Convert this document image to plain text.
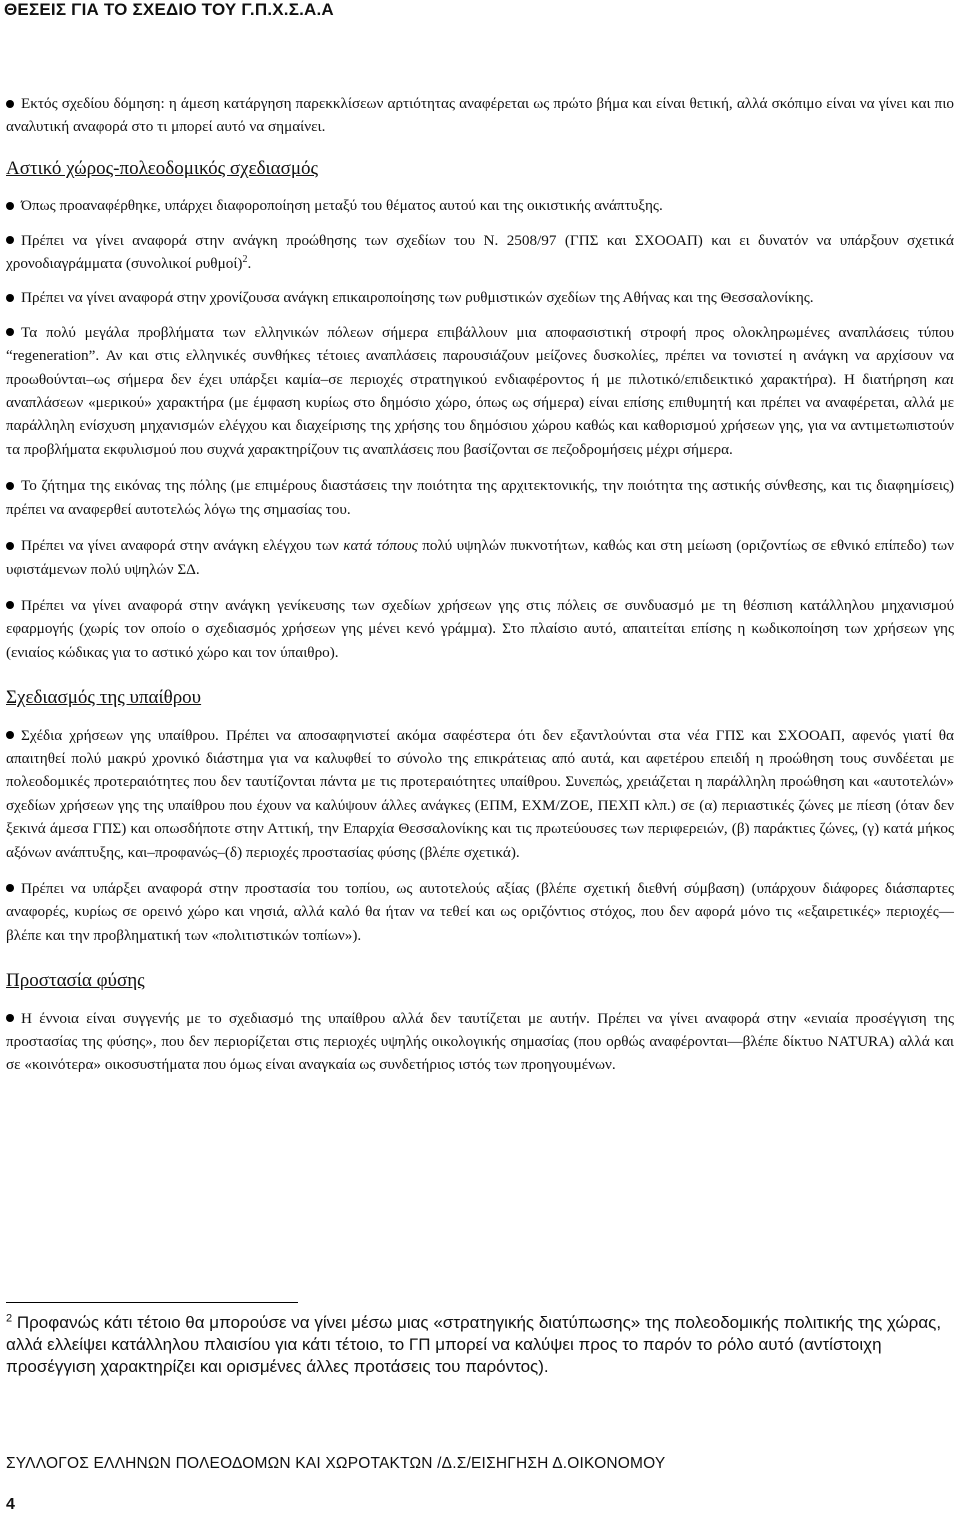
ΘΕΣΕΙΣ ΓΙΑ ΤΟ ΣΧΕΔΙΟ ΤΟΥ Γ.Π.Χ.Σ.Α.Α

Εκτός σχεδίου δόμηση: η άμεση κατάργηση παρεκκλίσεων αρτιότητας αναφέρεται ως πρώτο βήμα και είναι θετική, αλλά σκόπιμο είναι να γίνει και πιο αναλυτική αναφορά στο τι μπορεί αυτό να σημαίνει.

Αστικό χώρος-πολεοδομικός σχεδιασμός

Όπως προαναφέρθηκε, υπάρχει διαφοροποίηση μεταξύ του θέματος αυτού και της οικιστικής ανάπτυξης.

Πρέπει να γίνει αναφορά στην ανάγκη προώθησης των σχεδίων του Ν. 2508/97 (ΓΠΣ και ΣΧΟΟΑΠ) και ει δυνατόν να υπάρξουν σχετικά χρονοδιαγράμματα (συνολικοί ρυθμοί)$^2$.

Πρέπει να γίνει αναφορά στην χρονίζουσα ανάγκη επικαιροποίησης των ρυθμιστικών σχεδίων της Αθήνας και της Θεσσαλονίκης.

Τα πολύ μεγάλα προβλήματα των ελληνικών πόλεων σήμερα επιβάλλουν μια αποφασιστική στροφή προς ολοκληρωμένες αναπλάσεις τύπου “regeneration”. Αν και στις ελληνικές συνθήκες τέτοιες αναπλάσεις παρουσιάζουν μείζονες δυσκολίες, πρέπει να τονιστεί η ανάγκη να αρχίσουν να προωθούνται–ως σήμερα δεν έχει υπάρξει καμία–σε περιοχές στρατηγικού ενδιαφέροντος ή με πιλοτικό/επιδεικτικό χαρακτήρα). Η διατήρηση και αναπλάσεων «μερικού» χαρακτήρα (με έμφαση κυρίως στο δημόσιο χώρο, όπως ως σήμερα) είναι επίσης επιθυμητή και πρέπει να αναφέρεται, αλλά με παράλληλη ενίσχυση μηχανισμών ελέγχου και διαχείρισης της χρήσης του δημόσιου χώρου καθώς και καθορισμού χρήσεων γης, για να αντιμετωπιστούν τα προβλήματα εκφυλισμού που συχνά χαρακτηρίζουν τις αναπλάσεις που βασίζονται σε πεζοδρομήσεις μέχρι σήμερα.

Το ζήτημα της εικόνας της πόλης (με επιμέρους διαστάσεις την ποιότητα της αρχιτεκτονικής, την ποιότητα της αστικής σύνθεσης, και τις διαφημίσεις) πρέπει να αναφερθεί αυτοτελώς λόγω της σημασίας του.

Πρέπει να γίνει αναφορά στην ανάγκη ελέγχου των κατά τόπους πολύ υψηλών πυκνοτήτων, καθώς και στη μείωση (οριζοντίως σε εθνικό επίπεδο) των υφιστάμενων πολύ υψηλών ΣΔ.

Πρέπει να γίνει αναφορά στην ανάγκη γενίκευσης των σχεδίων χρήσεων γης στις πόλεις σε συνδυασμό με τη θέσπιση κατάλληλου μηχανισμού εφαρμογής (χωρίς τον οποίο ο σχεδιασμός χρήσεων γης μένει κενό γράμμα). Στο πλαίσιο αυτό, απαιτείται επίσης η κωδικοποίηση των χρήσεων γης (ενιαίος κώδικας για το αστικό χώρο και τον ύπαιθρο).

Σχεδιασμός της υπαίθρου

Σχέδια χρήσεων γης υπαίθρου. Πρέπει να αποσαφηνιστεί ακόμα σαφέστερα ότι δεν εξαντλούνται στα νέα ΓΠΣ και ΣΧΟΟΑΠ, αφενός γιατί θα απαιτηθεί πολύ μακρύ χρονικό διάστημα για να καλυφθεί το σύνολο της επικράτειας από αυτά, και αφετέρου επειδή η προώθηση τους συνδέεται με πολεοδομικές προτεραιότητες που δεν ταυτίζονται πάντα με τις προτεραιότητες υπαίθρου. Συνεπώς, χρειάζεται η παράλληλη προώθηση και «αυτοτελών» σχεδίων χρήσεων γης της υπαίθρου που έχουν να καλύψουν άλλες ανάγκες (ΕΠΜ, ΕΧΜ/ΖΟΕ, ΠΕΧΠ κλπ.) σε (α) περιαστικές ζώνες με πίεση (όταν δεν ξεκινά άμεσα ΓΠΣ) και οπωσδήποτε στην Αττική, την Επαρχία Θεσσαλονίκης και τις πρωτεύουσες των περιφερειών, (β) παράκτιες ζώνες, (γ) κατά μήκος αξόνων ανάπτυξης, και–προφανώς–(δ) περιοχές προστασίας φύσης (βλέπε σχετικά).

Πρέπει να υπάρξει αναφορά στην προστασία του τοπίου, ως αυτοτελούς αξίας (βλέπε σχετική διεθνή σύμβαση) (υπάρχουν διάφορες διάσπαρτες αναφορές, κυρίως σε ορεινό χώρο και νησιά, αλλά καλό θα ήταν να τεθεί και ως οριζόντιος στόχος, που δεν αφορά μόνο τις «εξαιρετικές» περιοχές—βλέπε και την προβληματική των «πολιτιστικών τοπίων»).

Προστασία φύσης

Η έννοια είναι συγγενής με το σχεδιασμό της υπαίθρου αλλά δεν ταυτίζεται με αυτήν. Πρέπει να γίνει αναφορά στην «ενιαία προσέγγιση της προστασίας της φύσης», που δεν περιορίζεται στις περιοχές υψηλής οικολογικής σημασίας (που ορθώς αναφέρονται—βλέπε δίκτυο NATURA) αλλά και σε «κοινότερα» οικοσυστήματα που όμως είναι αναγκαία ως συνδετήριος ιστός των προηγουμένων.

$^2$ Προφανώς κάτι τέτοιο θα μπορούσε να γίνει μέσω μιας «στρατηγικής διατύπωσης» της πολεοδομικής πολιτικής της χώρας, αλλά ελλείψει κατάλληλου πλαισίου για κάτι τέτοιο, το ΓΠ μπορεί να καλύψει προς το παρόν το ρόλο αυτό (αντίστοιχη προσέγγιση χαρακτηρίζει και ορισμένες άλλες προτάσεις του παρόντος).
ΣΥΛΛΟΓΟΣ ΕΛΛΗΝΩΝ ΠΟΛΕΟΔΟΜΩΝ ΚΑΙ ΧΩΡΟΤΑΚΤΩΝ /Δ.Σ/ΕΙΣΗΓΗΣΗ Δ.ΟΙΚΟΝΟΜΟΥ
4
